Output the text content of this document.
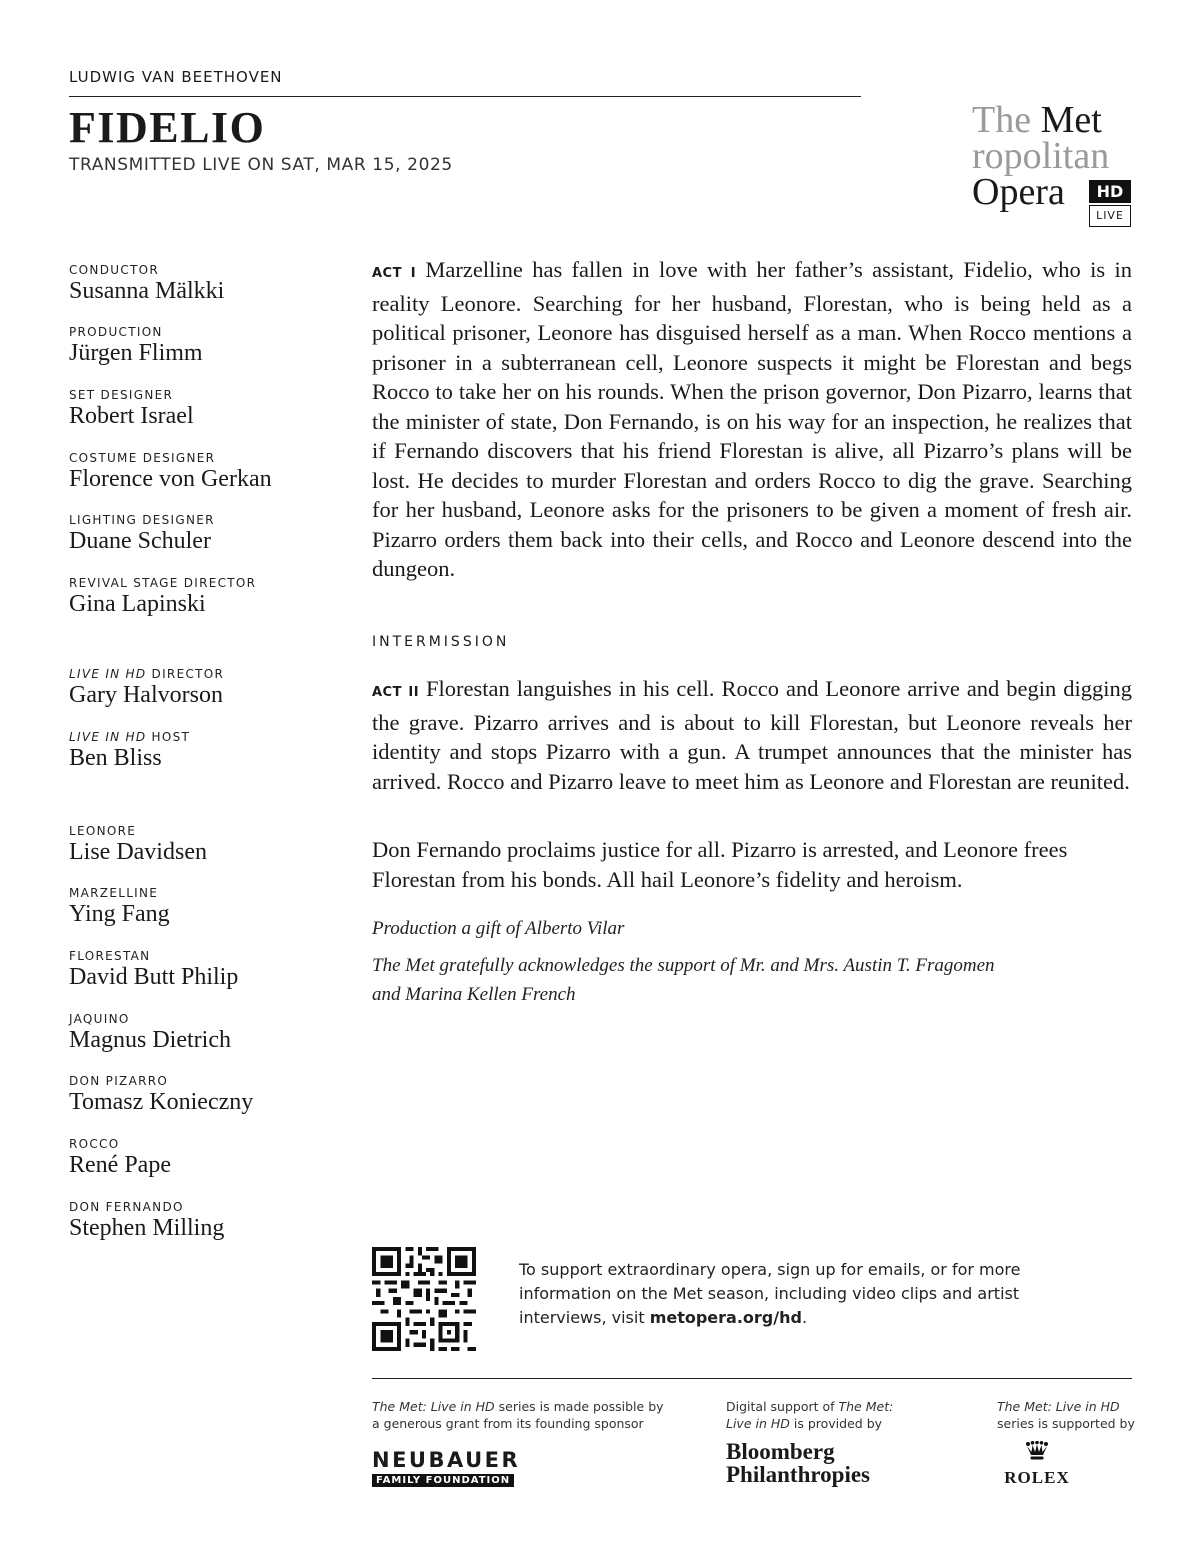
LUDWIG VAN BEETHOVEN
FIDELIO
TRANSMITTED LIVE ON SAT, MAR 15, 2025
The Met
ropolitan
Opera	HD
LIVE
CONDUCTOR
Susanna Mälkki
PRODUCTION
Jürgen Flimm
SET DESIGNER
Robert Israel
COSTUME DESIGNER
Florence von Gerkan
LIGHTING DESIGNER
Duane Schuler
REVIVAL STAGE DIRECTOR
Gina Lapinski
LIVE IN HD DIRECTOR
Gary Halvorson
LIVE IN HD HOST
Ben Bliss
LEONORE
Lise Davidsen
MARZELLINE
Ying Fang
FLORESTAN
David Butt Philip
JAQUINO
Magnus Dietrich
DON PIZARRO
Tomasz Konieczny
ROCCO
René Pape
DON FERNANDO
Stephen Milling
ACT I Marzelline has fallen in love with her father’s assistant, Fidelio, who is in reality Leonore. Searching for her husband, Florestan, who is being held as a political prisoner, Leonore has disguised herself as a man. When Rocco mentions a prisoner in a subterranean cell, Leonore suspects it might be Florestan and begs Rocco to take her on his rounds. When the prison governor, Don Pizarro, learns that the minister of state, Don Fernando, is on his way for an inspection, he realizes that if Fernando discovers that his friend Florestan is alive, all Pizarro’s plans will be lost. He decides to murder Florestan and orders Rocco to dig the grave. Searching for her husband, Leonore asks for the prisoners to be given a moment of fresh air. Pizarro orders them back into their cells, and Rocco and Leonore descend into the dungeon.
INTERMISSION
ACT II Florestan languishes in his cell. Rocco and Leonore arrive and begin digging the grave. Pizarro arrives and is about to kill Florestan, but Leonore reveals her identity and stops Pizarro with a gun. A trumpet announces that the minister has arrived. Rocco and Pizarro leave to meet him as Leonore and Florestan are reunited.
Don Fernando proclaims justice for all. Pizarro is arrested, and Leonore frees Florestan from his bonds. All hail Leonore’s fidelity and heroism.
Production a gift of Alberto Vilar
The Met gratefully acknowledges the support of Mr. and Mrs. Austin T. Fragomen
and Marina Kellen French
To support extraordinary opera, sign up for emails, or for more information on the Met season, including video clips and artist interviews, visit metopera.org/hd.
The Met: Live in HD series is made possible by
a generous grant from its founding sponsor
NEUBAUER
FAMILY FOUNDATION
Digital support of The Met:
Live in HD is provided by
Bloomberg
Philanthropies
The Met: Live in HD
series is supported by
ROLEX
